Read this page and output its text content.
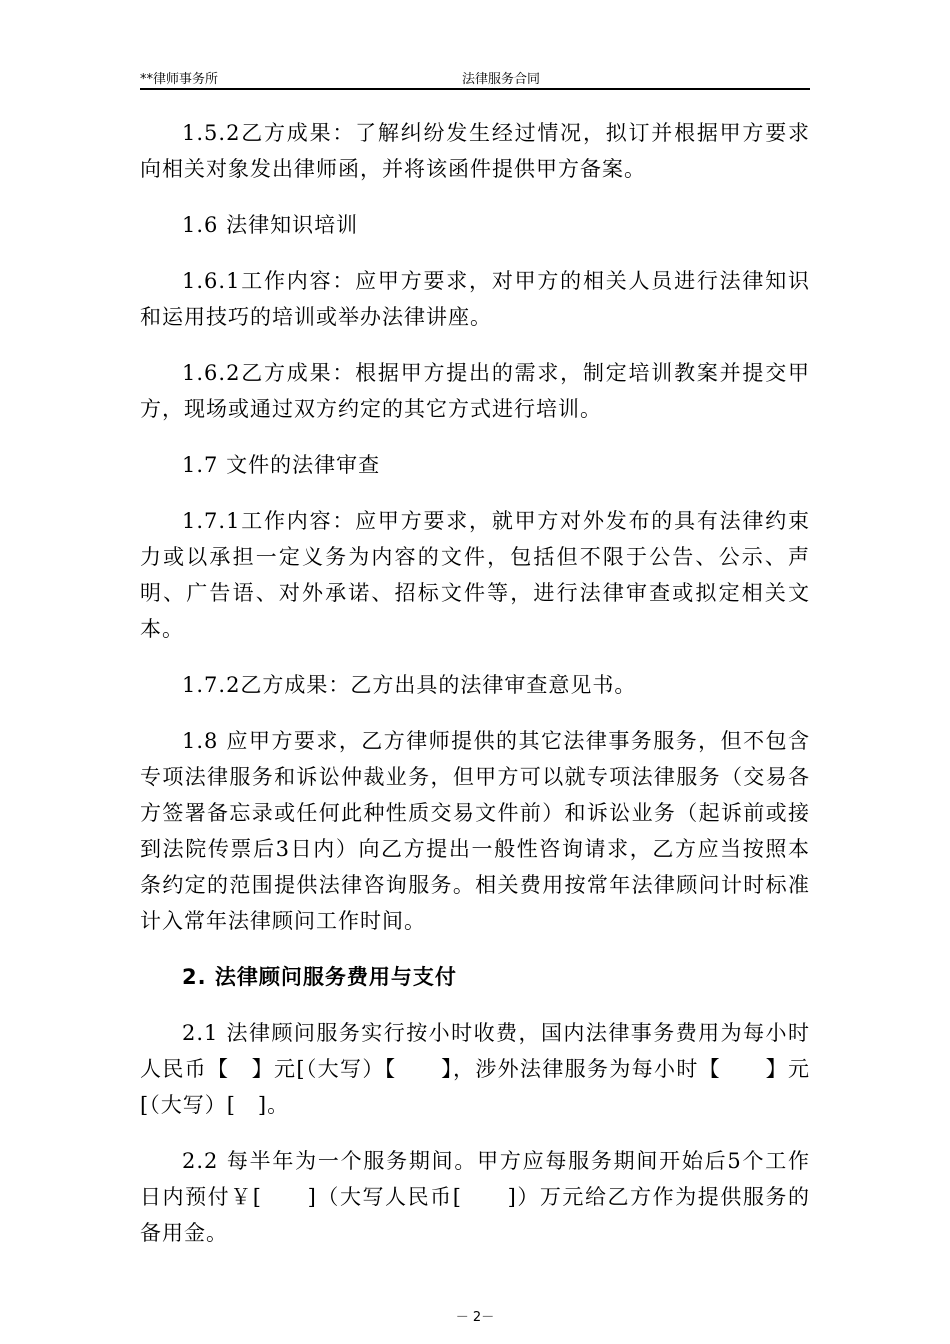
**律师事务所	法律服务合同

1.5.2乙方成果：了解纠纷发生经过情况，拟订并根据甲方要求向相关对象发出律师函，并将该函件提供甲方备案。

1.6 法律知识培训

1.6.1工作内容：应甲方要求，对甲方的相关人员进行法律知识和运用技巧的培训或举办法律讲座。

1.6.2乙方成果：根据甲方提出的需求，制定培训教案并提交甲方，现场或通过双方约定的其它方式进行培训。

1.7 文件的法律审查

1.7.1工作内容：应甲方要求，就甲方对外发布的具有法律约束力或以承担一定义务为内容的文件，包括但不限于公告、公示、声明、广告语、对外承诺、招标文件等，进行法律审查或拟定相关文本。

1.7.2乙方成果：乙方出具的法律审查意见书。

1.8 应甲方要求，乙方律师提供的其它法律事务服务，但不包含专项法律服务和诉讼仲裁业务，但甲方可以就专项法律服务（交易各方签署备忘录或任何此种性质交易文件前）和诉讼业务（起诉前或接到法院传票后3日内）向乙方提出一般性咨询请求，乙方应当按照本条约定的范围提供法律咨询服务。相关费用按常年法律顾问计时标准计入常年法律顾问工作时间。

2. 法律顾问服务费用与支付

2.1 法律顾问服务实行按小时收费，国内法律事务费用为每小时人民币【　】元[（大写）【　　】，涉外法律服务为每小时【　　】元[（大写）[　]。

2.2 每半年为一个服务期间。甲方应每服务期间开始后5个工作日内预付￥[　　]（大写人民币[　　]）万元给乙方作为提供服务的备用金。

－ 2－
